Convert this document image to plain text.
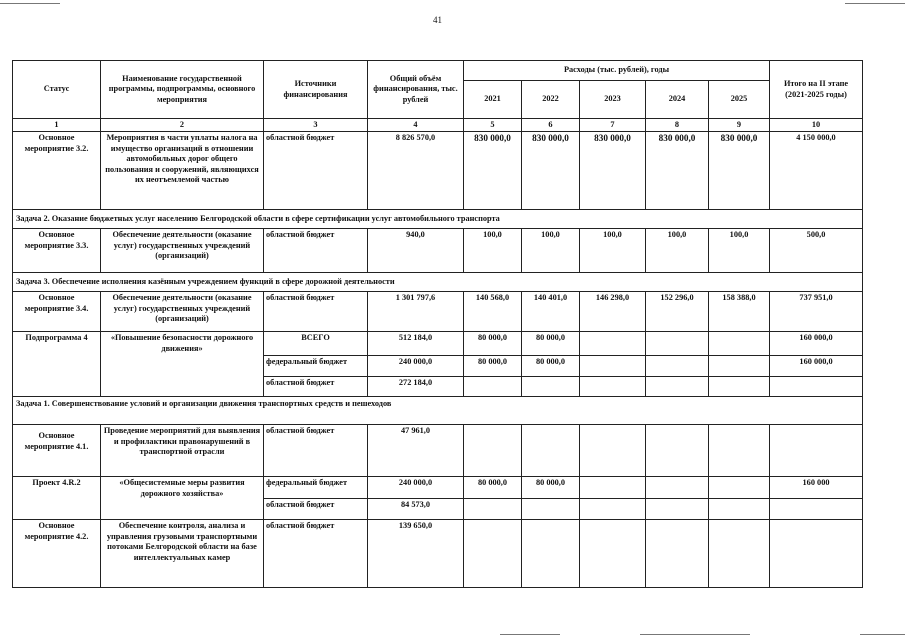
41
Статус	Наименование государственной программы, подпрограммы, основного мероприятия	Источники финансирования	Общий объём финансирования, тыс. рублей	Расходы (тыс. рублей), годы					Итого на II этапе (2021-2025 годы)
				2021	2022	2023	2024	2025	
1	2	3	4	5	6	7	8	9	10
Основное мероприятие 3.2.	Мероприятия в части уплаты налога на имущество организаций в отношении автомобильных дорог общего пользования и сооружений, являющихся их неотъемлемой частью	областной бюджет	8 826 570,0	830 000,0	830 000,0	830 000,0	830 000,0	830 000,0	4 150 000,0
Задача 2. Оказание бюджетных услуг населению Белгородской области в сфере сертификации услуг автомобильного транспорта									
Основное мероприятие 3.3.	Обеспечение деятельности (оказание услуг) государственных учреждений (организаций)	областной бюджет	940,0	100,0	100,0	100,0	100,0	100,0	500,0
Задача 3. Обеспечение исполнения казённым учреждением функций в сфере дорожной деятельности									
Основное мероприятие 3.4.	Обеспечение деятельности (оказание услуг) государственных учреждений (организаций)	областной бюджет	1 301 797,6	140 568,0	140 401,0	146 298,0	152 296,0	158 388,0	737 951,0
Подпрограмма 4	«Повышение безопасности дорожного движения»	ВСЕГО	512 184,0	80 000,0	80 000,0				160 000,0
		федеральный бюджет	240 000,0	80 000,0	80 000,0				160 000,0
		областной бюджет	272 184,0						
Задача 1. Совершенствование условий и организации движения транспортных средств и пешеходов									
Основное мероприятие 4.1.	Проведение мероприятий для выявления и профилактики правонарушений в транспортной отрасли	областной бюджет	47 961,0						
Проект 4.R.2	«Общесистемные меры развития дорожного хозяйства»	федеральный бюджет	240 000,0	80 000,0	80 000,0				160 000
		областной бюджет	84 573,0						
Основное мероприятие 4.2.	Обеспечение контроля, анализа и управления грузовыми транспортными потоками Белгородской области на базе интеллектуальных камер	областной бюджет	139 650,0						
